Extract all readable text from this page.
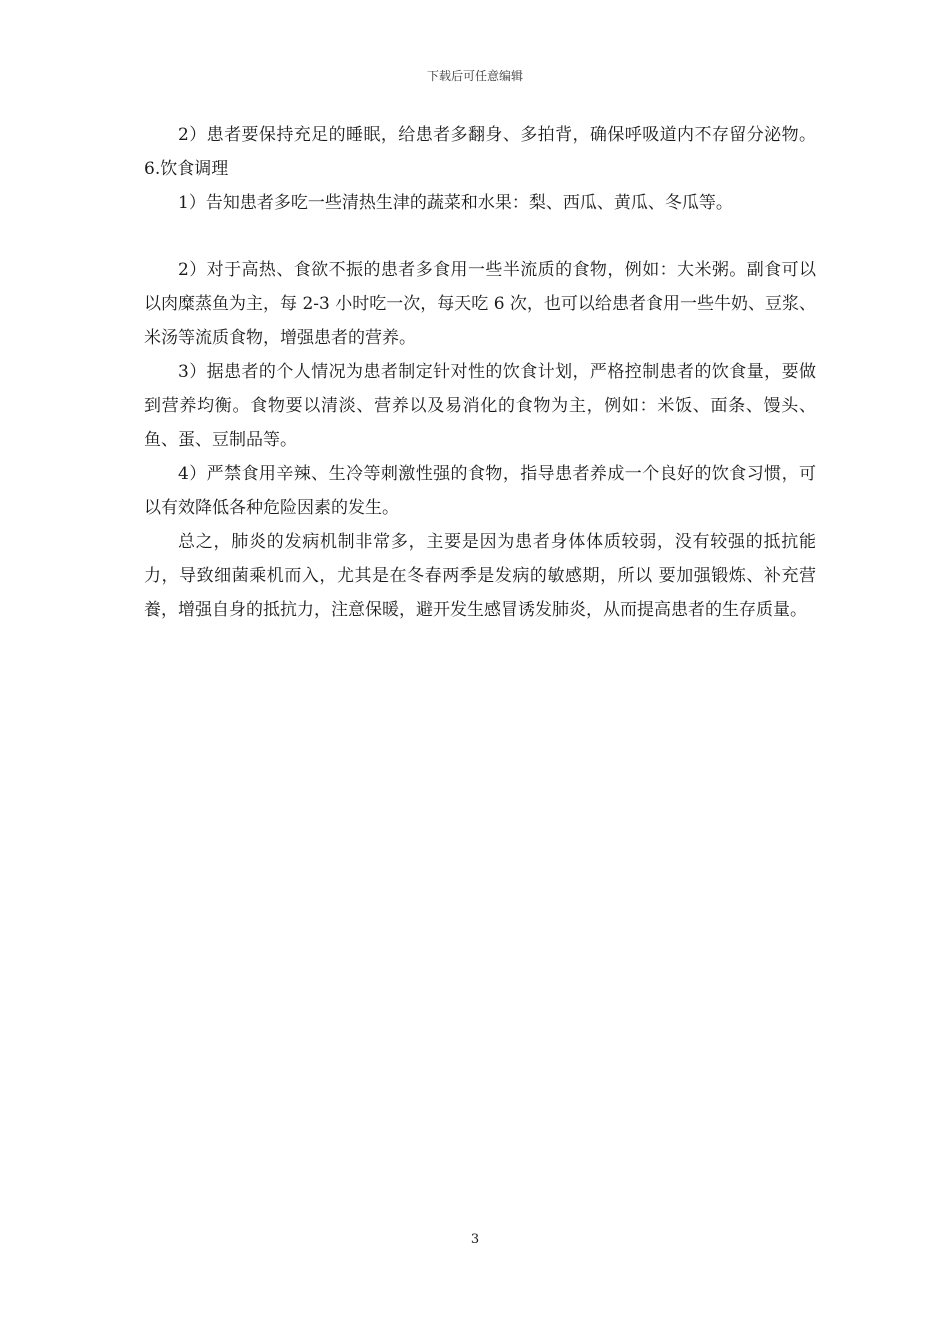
下载后可任意编辑

2）患者要保持充足的睡眠，给患者多翻身、多拍背，确保呼吸道内不存留分泌物。6.饮食调理

1）告知患者多吃一些清热生津的蔬菜和水果：梨、西瓜、黄瓜、冬瓜等。

2）对于高热、食欲不振的患者多食用一些半流质的食物，例如：大米粥。副食可以以肉糜蒸鱼为主，每 2-3 小时吃一次，每天吃 6 次，也可以给患者食用一些牛奶、豆浆、米汤等流质食物，增强患者的营养。

3）据患者的个人情况为患者制定针对性的饮食计划，严格控制患者的饮食量，要做到营养均衡。食物要以清淡、营养以及易消化的食物为主，例如：米饭、面条、馒头、鱼、蛋、豆制品等。

4）严禁食用辛辣、生冷等刺激性强的食物，指导患者养成一个良好的饮食习惯，可以有效降低各种危险因素的发生。

总之，肺炎的发病机制非常多，主要是因为患者身体体质较弱，没有较强的抵抗能力，导致细菌乘机而入，尤其是在冬春两季是发病的敏感期，所以 要加强锻炼、补充营養，增强自身的抵抗力，注意保暖，避开发生感冒诱发肺炎，从而提高患者的生存质量。

3
